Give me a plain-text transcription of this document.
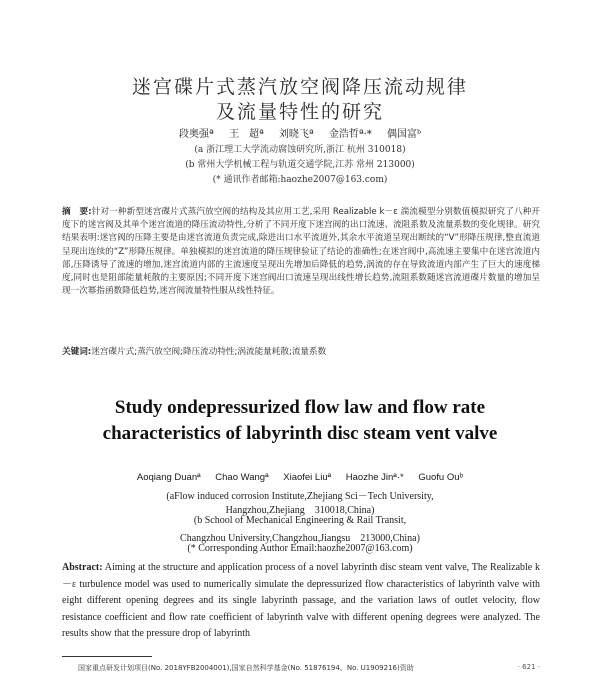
迷宫碟片式蒸汽放空阀降压流动规律
及流量特性的研究
段奥强ª 王　超ª 刘晓飞ª 金浩哲ª·* 偶国富ᵇ
(a 浙江理工大学流动腐蚀研究所,浙江 杭州 310018)
(b 常州大学机械工程与轨道交通学院,江苏 常州 213000)
(* 通讯作者邮箱:haozhe2007@163.com)
摘　要:针对一种新型迷宫碟片式蒸汽放空阀的结构及其应用工艺,采用 Realizable k－ε 湍流模型分别数值模拟研究了八种开度下的迷宫阀及其单个迷宫流道的降压流动特性,分析了不同开度下迷宫阀的出口流速、流阻系数及流量系数的变化规律。研究结果表明:迷宫阀的压降主要是由迷宫流道负责完成,除进出口水平流道外,其余水平流道呈现出断续的“V”形降压规律,整直流道呈现出连续的“Z”形降压规律。单独模拟的迷宫流道的降压规律验证了结论的准确性;在迷宫阀中,高流速主要集中在迷宫流道内部,压降诱导了流速的增加,迷宫流道内部的主流速度呈现出先增加后降低的趋势,涡流的存在导致流道内部产生了巨大的速度梯度,同时也是阻部能量耗散的主要原因;不同开度下迷宫阀出口流速呈现出线性增长趋势,流阻系数随迷宫流道碟片数量的增加呈现一次幂指函数降低趋势,迷宫阀流量特性服从线性特征。
关键词:迷宫碟片式;蒸汽放空阀;降压流动特性;涡流能量耗散;流量系数
Study ondepressurized flow law and flow rate
characteristics of labyrinth disc steam vent valve
Aoqiang Duanª Chao Wangª Xiaofei Liuª Haozhe Jinª·* Guofu Ouᵇ
(aFlow induced corrosion Institute,Zhejiang Sci－Tech University,
Hangzhou,Zhejiang　310018,China)
(b School of Mechanical Engineering & Rail Transit,
Changzhou University,Changzhou,Jiangsu　213000,China)
(* Corresponding Author Email:haozhe2007@163.com)
Abstract: Aiming at the structure and application process of a novel labyrinth disc steam vent valve, The Realizable k－ε turbulence model was used to numerically simulate the depressurized flow characteristics of labyrinth valve with eight different opening degrees and its single labyrinth passage, and the variation laws of outlet velocity, flow resistance coefficient and flow rate coefficient of labyrinth valve with different opening degrees were analyzed. The results show that the pressure drop of labyrinth
国家重点研发计划项目(No. 2018YFB2004001),国家自然科学基金(No. 51876194、No. U1909216)资助	· 621 ·
